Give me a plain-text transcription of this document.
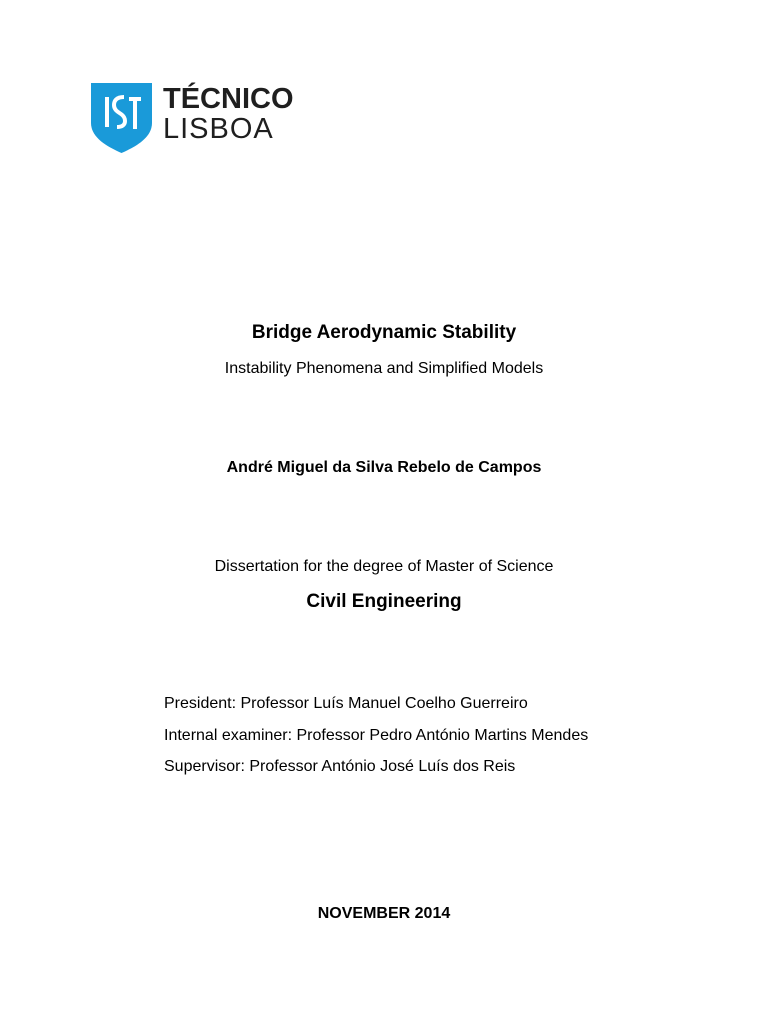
TÉCNICO
LISBOA
Bridge Aerodynamic Stability
Instability Phenomena and Simplified Models
André Miguel da Silva Rebelo de Campos
Dissertation for the degree of Master of Science
Civil Engineering
President: Professor Luís Manuel Coelho Guerreiro
Internal examiner: Professor Pedro António Martins Mendes
Supervisor: Professor António José Luís dos Reis
NOVEMBER 2014
